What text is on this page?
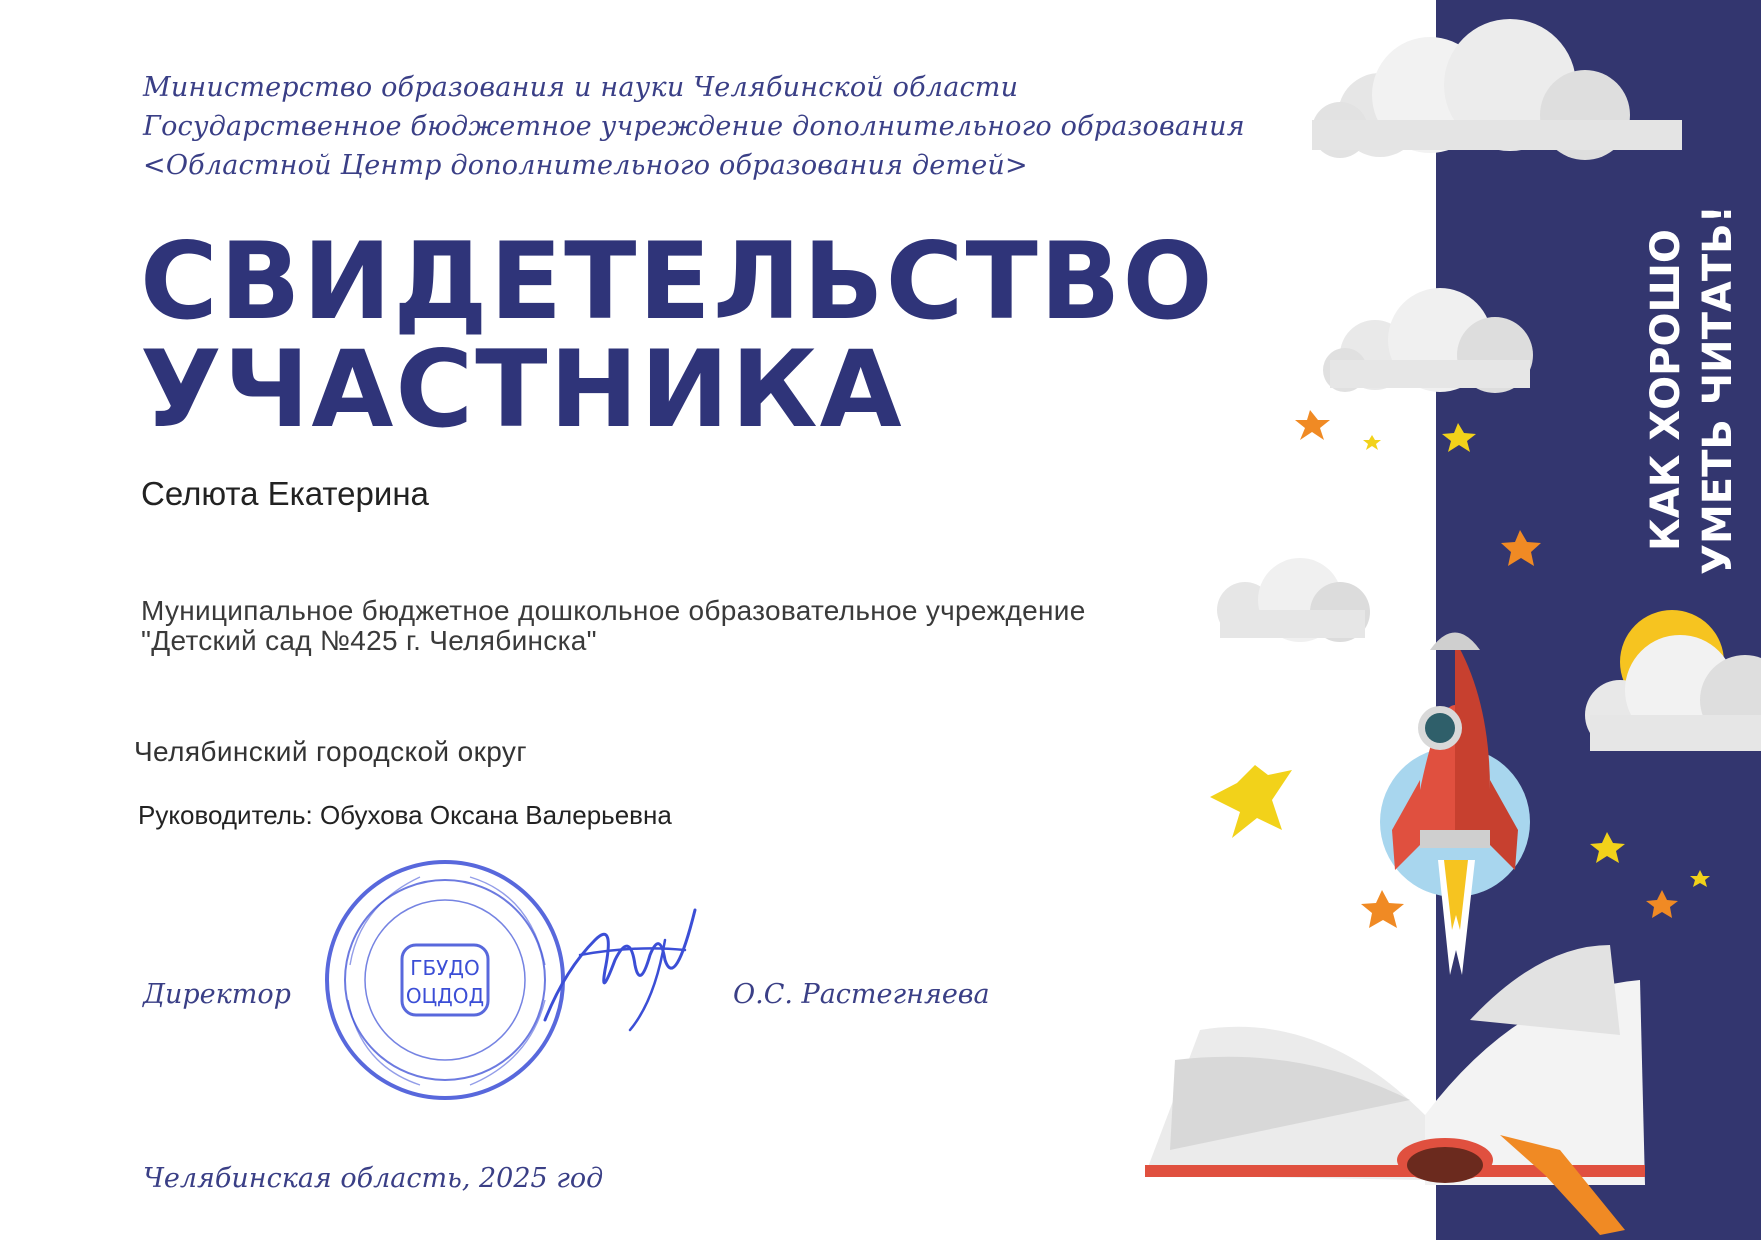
КАК ХОРОШО УМЕТЬ ЧИТАТЬ!
Министерство образования и науки Челябинской области
Государственное бюджетное учреждение дополнительного образования
<Областной Центр дополнительного образования детей>
СВИДЕТЕЛЬСТВО
УЧАСТНИКА
Селюта Екатерина
Муниципальное бюджетное дошкольное образовательное учреждение "Детский сад №425 г. Челябинска"
Челябинский городской округ
Руководитель: Обухова Оксана Валерьевна
Директор
ГБУДО
ОЦДОД	О.С. Растегняева
Челябинская область, 2025 год
